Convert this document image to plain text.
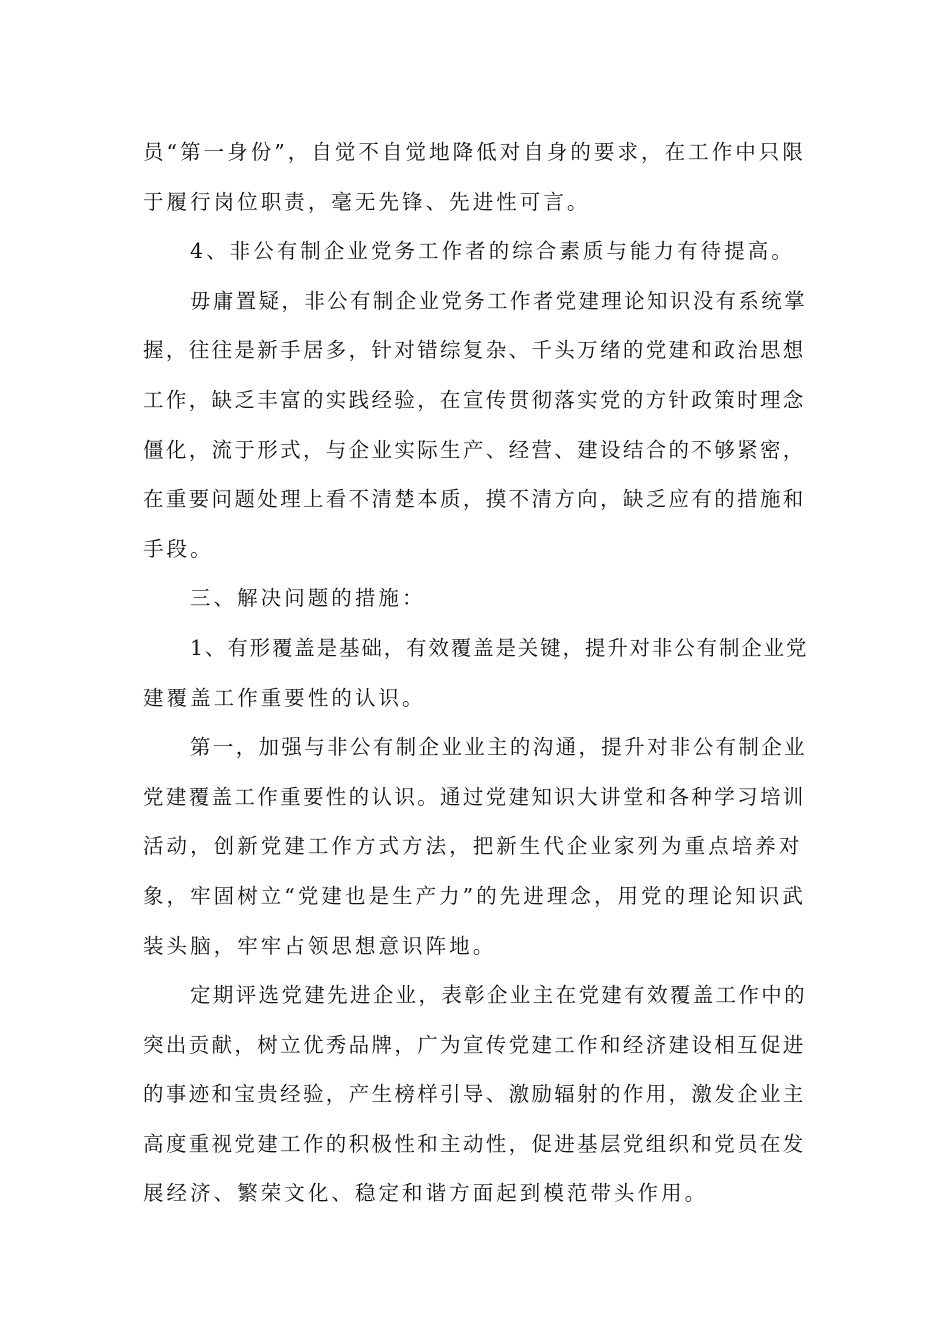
员“第一身份”，自觉不自觉地降低对自身的要求，在工作中只限
于履行岗位职责，毫无先锋、先进性可言。
4、非公有制企业党务工作者的综合素质与能力有待提高。
毋庸置疑，非公有制企业党务工作者党建理论知识没有系统掌
握，往往是新手居多，针对错综复杂、千头万绪的党建和政治思想
工作，缺乏丰富的实践经验，在宣传贯彻落实党的方针政策时理念
僵化，流于形式，与企业实际生产、经营、建设结合的不够紧密，
在重要问题处理上看不清楚本质，摸不清方向，缺乏应有的措施和
手段。
三、解决问题的措施：
1、有形覆盖是基础，有效覆盖是关键，提升对非公有制企业党
建覆盖工作重要性的认识。
第一，加强与非公有制企业业主的沟通，提升对非公有制企业
党建覆盖工作重要性的认识。通过党建知识大讲堂和各种学习培训
活动，创新党建工作方式方法，把新生代企业家列为重点培养对
象，牢固树立“党建也是生产力”的先进理念，用党的理论知识武
装头脑，牢牢占领思想意识阵地。
定期评选党建先进企业，表彰企业主在党建有效覆盖工作中的
突出贡献，树立优秀品牌，广为宣传党建工作和经济建设相互促进
的事迹和宝贵经验，产生榜样引导、激励辐射的作用，激发企业主
高度重视党建工作的积极性和主动性，促进基层党组织和党员在发
展经济、繁荣文化、稳定和谐方面起到模范带头作用。
